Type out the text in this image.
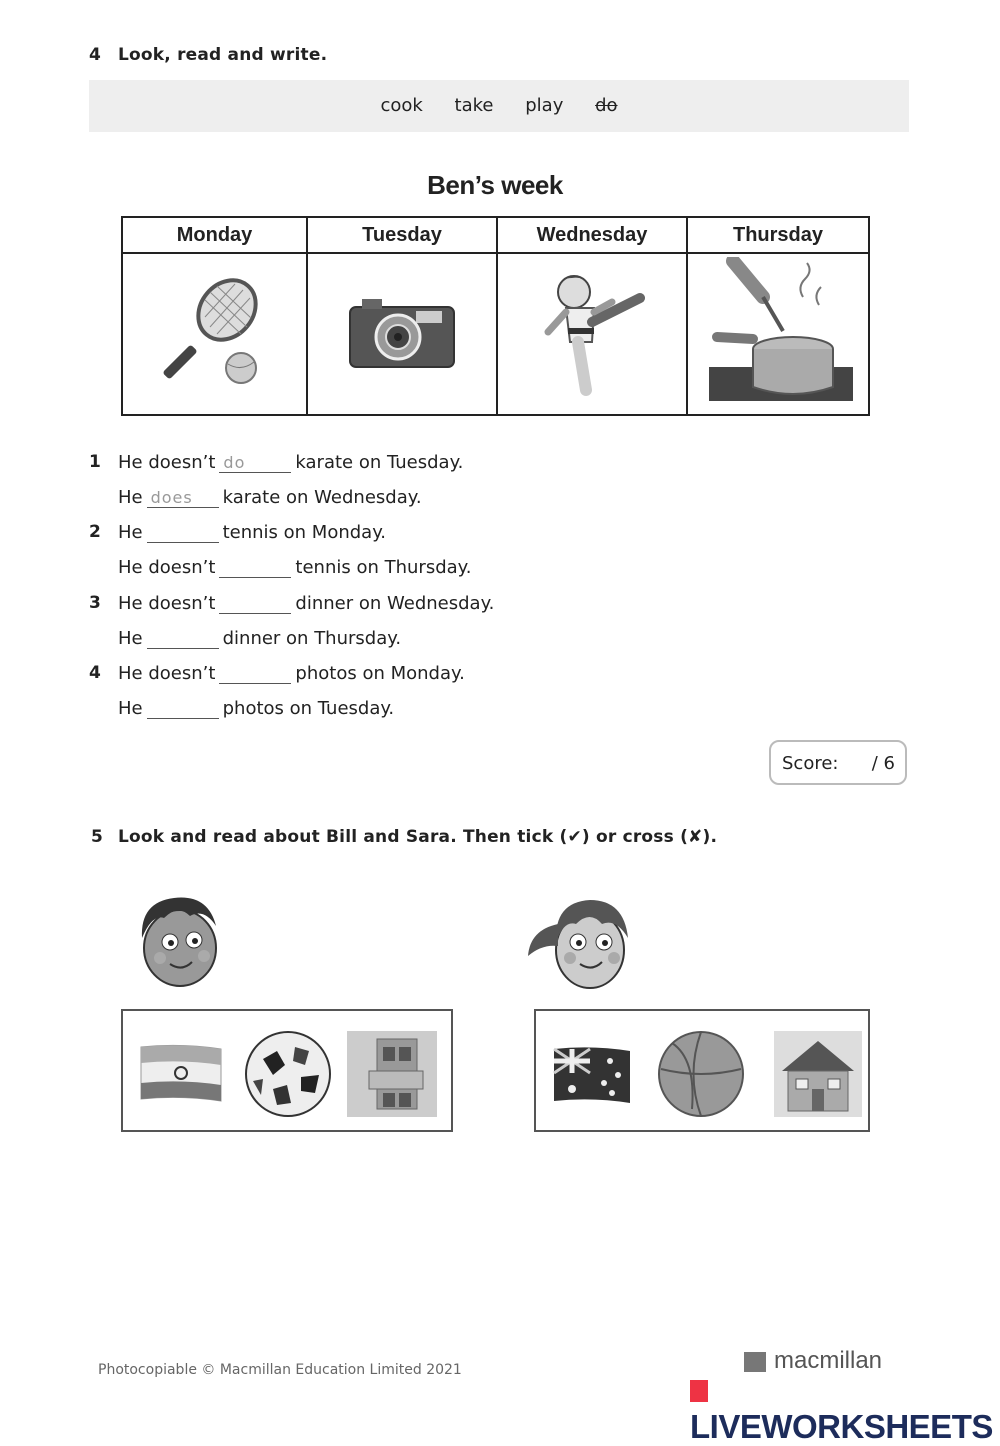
4 Look, read and write.
cook take play do
Ben’s week
Monday	Tuesday	Wednesday	Thursday

1 He doesn’t do	karate on Tuesday.
He does karate on Wednesday.
2 He	tennis on Monday.
He doesn’t	tennis on Thursday.
3 He doesn’t	dinner on Wednesday.
He	dinner on Thursday.
4 He doesn’t	photos on Monday.
He	photos on Tuesday.
Score: / 6
5 Look and read about Bill and Sara. Then tick (✔) or cross (✘).
Photocopiable © Macmillan Education Limited 2021	macmillan
LIVEWORKSHEETS
